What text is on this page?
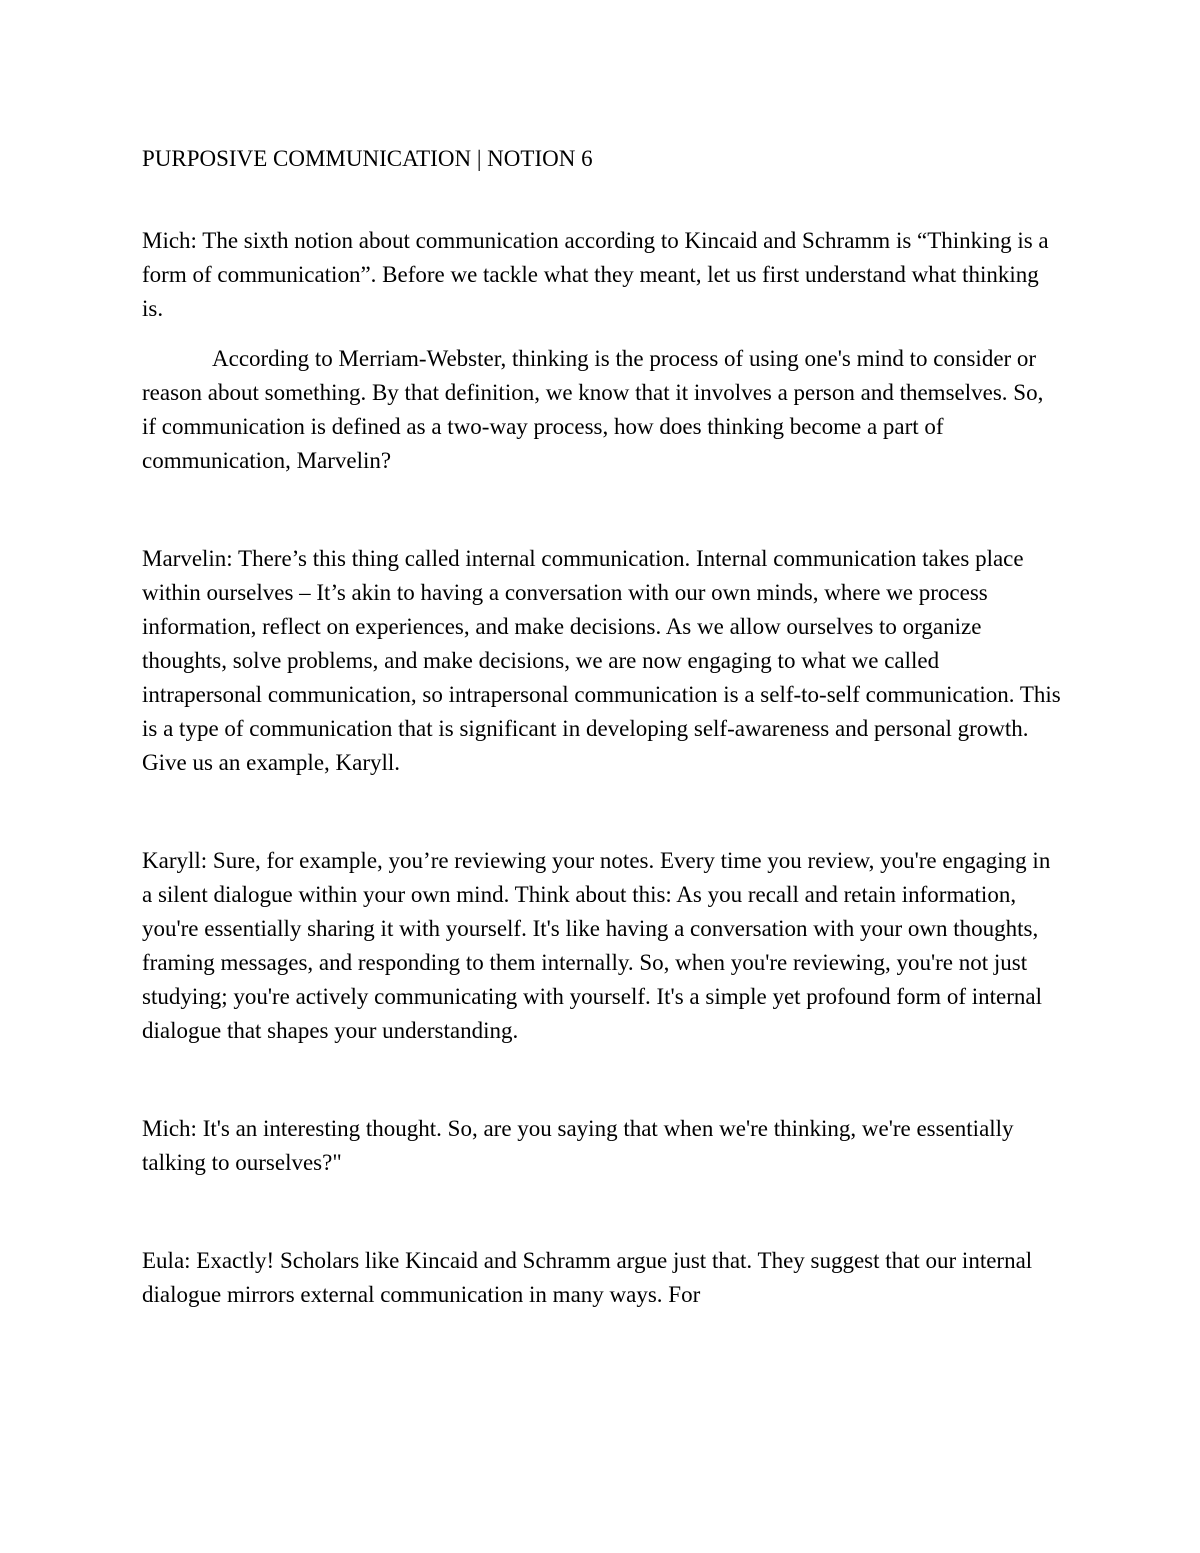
PURPOSIVE COMMUNICATION | NOTION 6

Mich: The sixth notion about communication according to Kincaid and Schramm is “Thinking is a form of communication”. Before we tackle what they meant, let us first understand what thinking is.

According to Merriam-Webster, thinking is the process of using one's mind to consider or reason about something. By that definition, we know that it involves a person and themselves. So, if communication is defined as a two-way process, how does thinking become a part of communication, Marvelin?

Marvelin: There’s this thing called internal communication. Internal communication takes place within ourselves – It’s akin to having a conversation with our own minds, where we process information, reflect on experiences, and make decisions. As we allow ourselves to organize thoughts, solve problems, and make decisions, we are now engaging to what we called intrapersonal communication, so intrapersonal communication is a self-to-self communication. This is a type of communication that is significant in developing self-awareness and personal growth. Give us an example, Karyll.

Karyll: Sure, for example, you’re reviewing your notes. Every time you review, you're engaging in a silent dialogue within your own mind. Think about this: As you recall and retain information, you're essentially sharing it with yourself. It's like having a conversation with your own thoughts, framing messages, and responding to them internally. So, when you're reviewing, you're not just studying; you're actively communicating with yourself. It's a simple yet profound form of internal dialogue that shapes your understanding.

Mich: It's an interesting thought. So, are you saying that when we're thinking, we're essentially talking to ourselves?"

Eula: Exactly! Scholars like Kincaid and Schramm argue just that. They suggest that our internal dialogue mirrors external communication in many ways. For
